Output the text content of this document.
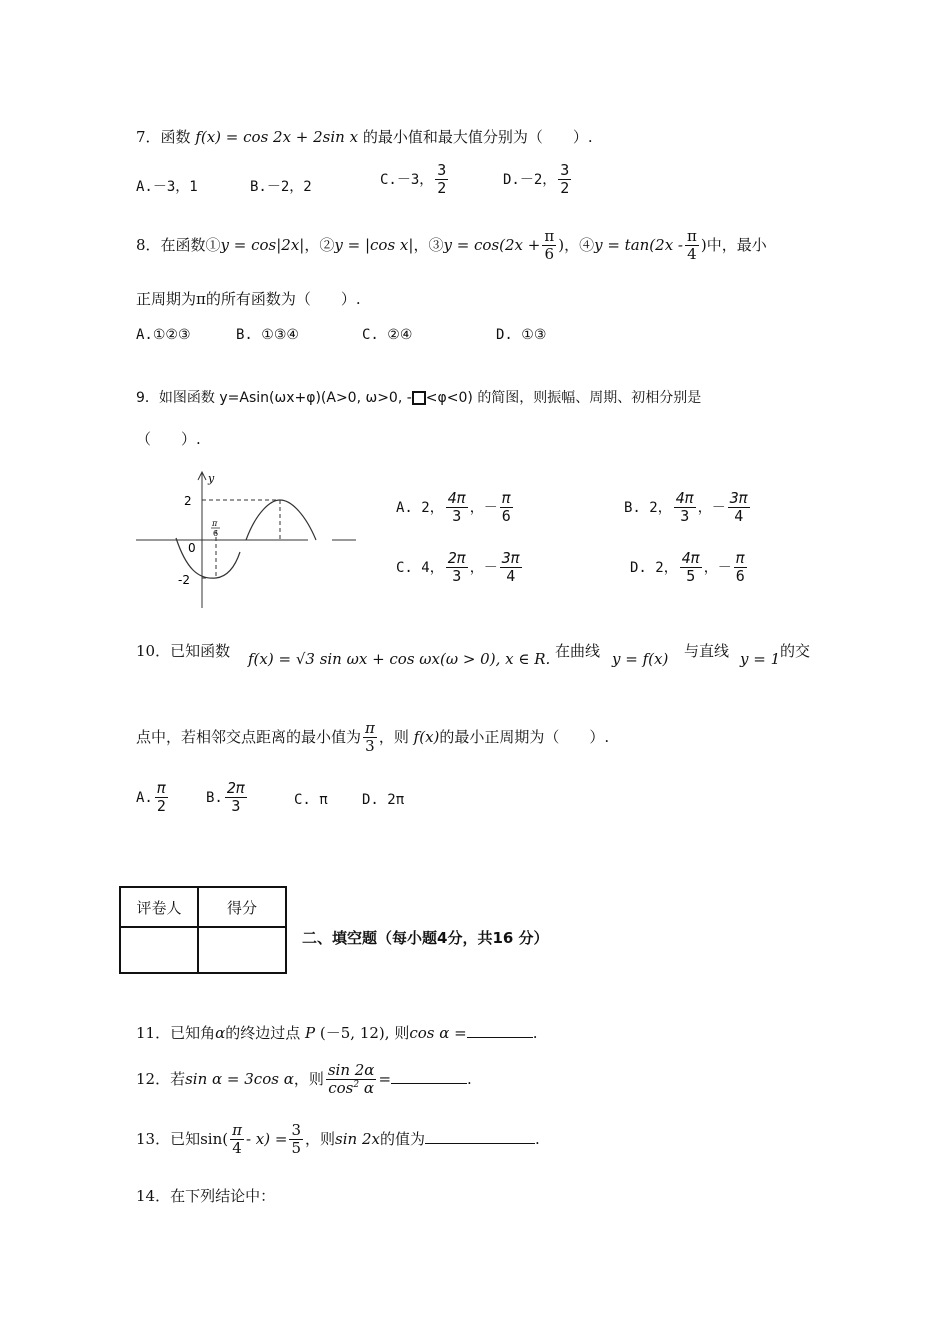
7．函数 f(x) = cos 2x + 2sin x 的最小值和最大值分别为（　　）.
A.－3，1	B.－2，2	C.－3， $\frac{3}{2}$	D.－2， $\frac{3}{2}$
8．在函数①y = cos|2x|，②y = |cos x|，③y = $\cos(2x + \frac{\pi}{6}$ )，④y = $\tan(2x - \frac{\pi}{4}$ )中，最小
正周期为π的所有函数为（　　）.
A.①②③	B. ①③④	C. ②④	D. ①③
9．如图函数 y=Asin(ωx+φ)(A>0, ω>0, - <φ<0) 的简图，则振幅、周期、初相分别是
（　　）.
y
2
0
-2
π
6
A. 2， $\frac{4\pi}{3}$ ，－ $\frac{\pi}{6}$	B. 2， $\frac{4\pi}{3}$ ，－ $\frac{3\pi}{4}$
C. 4， $\frac{2\pi}{3}$ ，－ $\frac{3\pi}{4}$	D. 2， $\frac{4\pi}{5}$ ，－ $\frac{\pi}{6}$
10．已知函数 f(x) = √3 sin ωx + cos ωx(ω > 0), x ∈ R. 在曲线 y = f(x) 与直线 y = 1 的交
点中，若相邻交点距离的最小值为 $\frac{\pi}{3}$ ，则 f(x)的最小正周期为（　　）.
A. $\frac{\pi}{2}$	B. $\frac{2\pi}{3}$	C. π D. 2π
评卷人	得分

二、填空题（每小题4分，共16 分）
11．已知角α的终边过点 P (－5, 12), 则cos α =	.
12．若sin α = 3cos α，则 $\frac{\sin 2\alpha}{\cos^2 \alpha}$ =	.
13．已知$\sin( \frac{\pi}{4} - x) = \frac{3}{5}$ ，则sin 2x的值为	.
14．在下列结论中：
